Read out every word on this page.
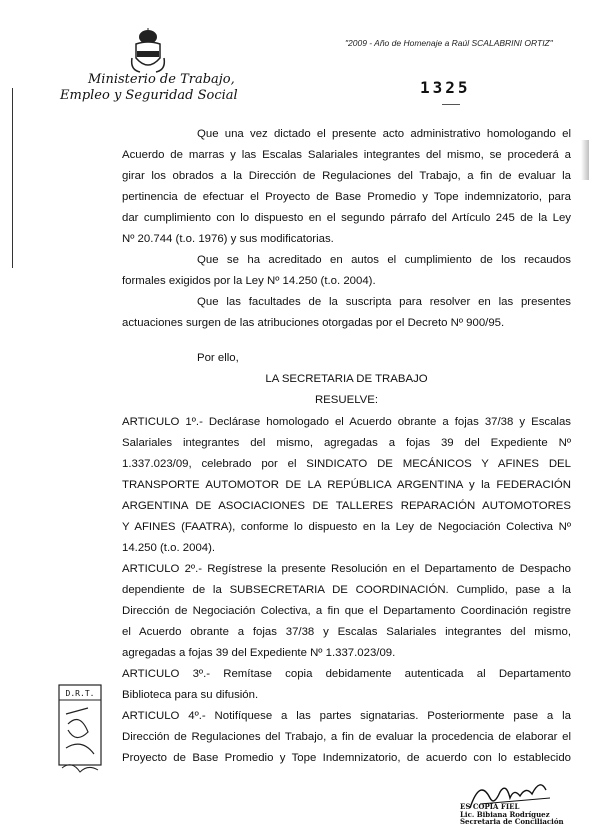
Ministerio de Trabajo,
Empleo y Seguridad Social
"2009 - Año de Homenaje a Raúl SCALABRINI ORTIZ"
1325
Que una vez dictado el presente acto administrativo homologando el
Acuerdo de marras y las Escalas Salariales integrantes del mismo, se procederá a
girar los obrados a la Dirección de Regulaciones del Trabajo, a fin de evaluar la
pertinencia de efectuar el Proyecto de Base Promedio y Tope indemnizatorio, para
dar cumplimiento con lo dispuesto en el segundo párrafo del Artículo 245 de la Ley
Nº 20.744 (t.o. 1976) y sus modificatorias.
Que se ha acreditado en autos el cumplimiento de los recaudos
formales exigidos por la Ley Nº 14.250 (t.o. 2004).
Que las facultades de la suscripta para resolver en las presentes
actuaciones surgen de las atribuciones otorgadas por el Decreto Nº 900/95.
Por ello,
LA SECRETARIA DE TRABAJO
RESUELVE:
ARTICULO 1º.- Declárase homologado el Acuerdo obrante a fojas 37/38 y Escalas
Salariales integrantes del mismo, agregadas a fojas 39 del Expediente Nº
1.337.023/09, celebrado por el SINDICATO DE MECÁNICOS Y AFINES DEL
TRANSPORTE AUTOMOTOR DE LA REPÚBLICA ARGENTINA y la FEDERACIÓN
ARGENTINA DE ASOCIACIONES DE TALLERES REPARACIÓN AUTOMOTORES
Y AFINES (FAATRA), conforme lo dispuesto en la Ley de Negociación Colectiva Nº
14.250 (t.o. 2004).
ARTICULO 2º.- Regístrese la presente Resolución en el Departamento de Despacho
dependiente de la SUBSECRETARIA DE COORDINACIÓN. Cumplido, pase a la
Dirección de Negociación Colectiva, a fin que el Departamento Coordinación registre
el Acuerdo obrante a fojas 37/38 y Escalas Salariales integrantes del mismo,
agregadas a fojas 39 del Expediente Nº 1.337.023/09.
ARTICULO 3º.- Remítase copia debidamente autenticada al Departamento
Biblioteca para su difusión.
ARTICULO 4º.- Notifíquese a las partes signatarias. Posteriormente pase a la
Dirección de Regulaciones del Trabajo, a fin de evaluar la procedencia de elaborar el
Proyecto de Base Promedio y Tope Indemnizatorio, de acuerdo con lo establecido
D.R.T.
ES COPIA FIEL
Lic. Bibiana Rodríguez
Secretaria de Conciliación
